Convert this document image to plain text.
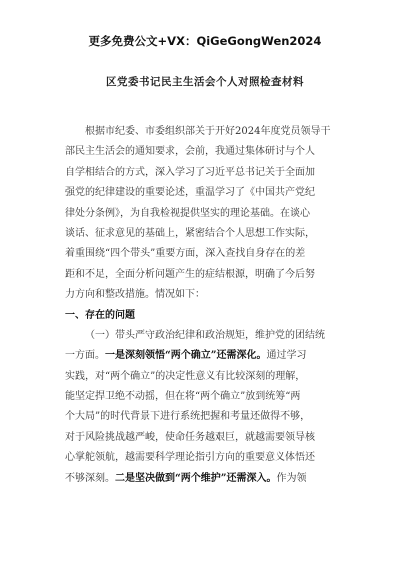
更多免费公文+VX：QiGeGongWen2024
区党委书记民主生活会个人对照检查材料
根据市纪委、市委组织部关于开好2024年度党员领导干
部民主生活会的通知要求，会前，我通过集体研讨与个人
自学相结合的方式，深入学习了习近平总书记关于全面加
强党的纪律建设的重要论述，重温学习了《中国共产党纪
律处分条例》，为自我检视提供坚实的理论基础。在谈心
谈话、征求意见的基础上，紧密结合个人思想工作实际，
着重围绕“四个带头”重要方面，深入查找自身存在的差
距和不足，全面分析问题产生的症结根源，明确了今后努
力方向和整改措施。情况如下：
一、存在的问题
（一）带头严守政治纪律和政治规矩，维护党的团结统
一方面。一是深刻领悟“两个确立”还需深化。通过学习
实践，对“两个确立”的决定性意义有比较深刻的理解，
能坚定捍卫绝不动摇，但在将“两个确立”放到统筹“两
个大局”的时代背景下进行系统把握和考量还做得不够，
对于风险挑战越严峻，使命任务越艰巨，就越需要领导核
心掌舵领航，越需要科学理论指引方向的重要意义体悟还
不够深刻。二是坚决做到“两个维护”还需深入。作为领
